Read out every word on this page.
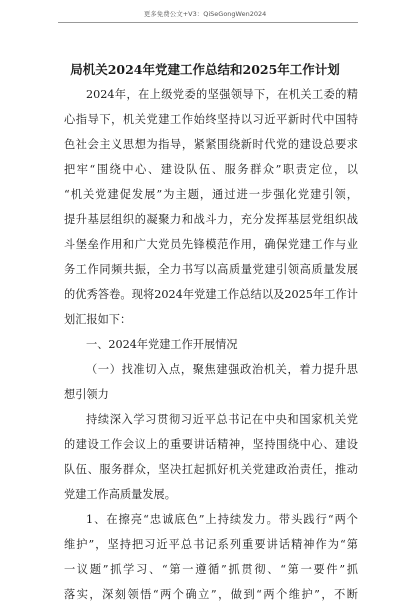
更多免费公文+V3：QiSeGongWen2024
局机关2024年党建工作总结和2025年工作计划
2024年，在上级党委的坚强领导下，在机关工委的精
心指导下，机关党建工作始终坚持以习近平新时代中国特
色社会主义思想为指导，紧紧围绕新时代党的建设总要求
把牢“围绕中心、建设队伍、服务群众”职责定位，以
“机关党建促发展”为主题，通过进一步强化党建引领，
提升基层组织的凝聚力和战斗力，充分发挥基层党组织战
斗堡垒作用和广大党员先锋模范作用，确保党建工作与业
务工作同频共振，全力书写以高质量党建引领高质量发展
的优秀答卷。现将2024年党建工作总结以及2025年工作计
划汇报如下：
一、2024年党建工作开展情况
（一）找准切入点，聚焦建强政治机关，着力提升思
想引领力
持续深入学习贯彻习近平总书记在中央和国家机关党
的建设工作会议上的重要讲话精神，坚持围绕中心、建设
队伍、服务群众，坚决扛起抓好机关党建政治责任，推动
党建工作高质量发展。
1、在擦亮“忠诚底色”上持续发力。带头践行“两个
维护”，坚持把习近平总书记系列重要讲话精神作为“第
一议题”抓学习、“第一遵循”抓贯彻、“第一要件”抓
落实，深刻领悟“两个确立”，做到“两个维护”，不断
